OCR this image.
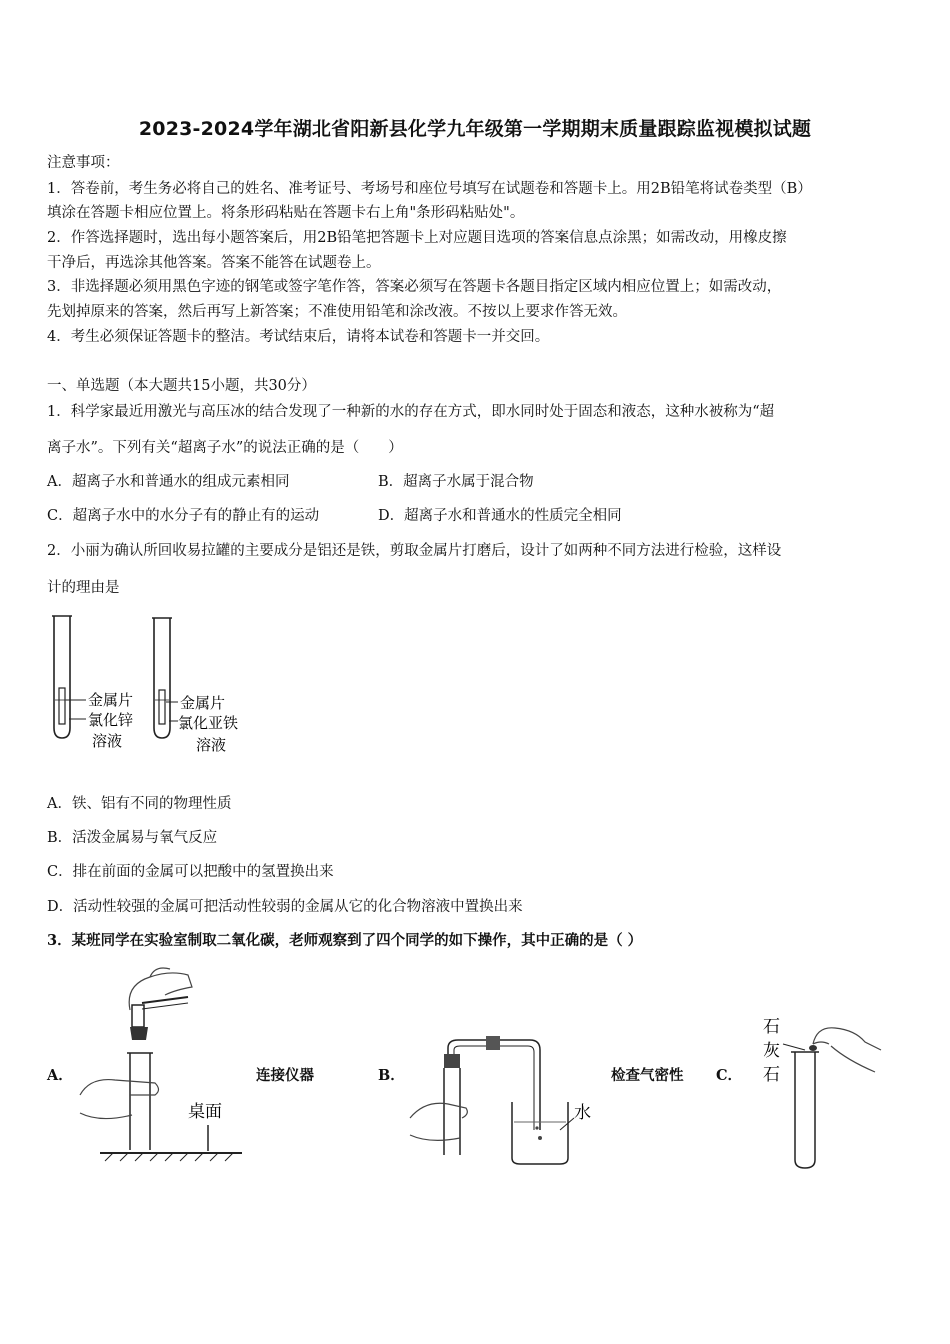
2023-2024学年湖北省阳新县化学九年级第一学期期末质量跟踪监视模拟试题
注意事项：
1．答卷前，考生务必将自己的姓名、准考证号、考场号和座位号填写在试题卷和答题卡上。用2B铅笔将试卷类型（B）
填涂在答题卡相应位置上。将条形码粘贴在答题卡右上角"条形码粘贴处"。
2．作答选择题时，选出每小题答案后，用2B铅笔把答题卡上对应题目选项的答案信息点涂黑；如需改动，用橡皮擦
干净后，再选涂其他答案。答案不能答在试题卷上。
3．非选择题必须用黑色字迹的钢笔或签字笔作答，答案必须写在答题卡各题目指定区域内相应位置上；如需改动，
先划掉原来的答案，然后再写上新答案；不准使用铅笔和涂改液。不按以上要求作答无效。
4．考生必须保证答题卡的整洁。考试结束后，请将本试卷和答题卡一并交回。
一、单选题（本大题共15小题，共30分）
1．科学家最近用激光与高压冰的结合发现了一种新的水的存在方式，即水同时处于固态和液态，这种水被称为“超
离子水”。下列有关“超离子水”的说法正确的是（　　）
A．超离子水和普通水的组成元素相同	B．超离子水属于混合物
C．超离子水中的水分子有的静止有的运动	D．超离子水和普通水的性质完全相同
2．小丽为确认所回收易拉罐的主要成分是铝还是铁，剪取金属片打磨后，设计了如两种不同方法进行检验，这样设
计的理由是
金属片
氯化锌
溶液
金属片
氯化亚铁
溶液
A．铁、铝有不同的物理性质
B．活泼金属易与氧气反应
C．排在前面的金属可以把酸中的氢置换出来
D．活动性较强的金属可把活动性较弱的金属从它的化合物溶液中置换出来
3．某班同学在实验室制取二氧化碳，老师观察到了四个同学的如下操作，其中正确的是（ ）
A．	连接仪器	B．	检查气密性 C．
桌面	水
石
灰
石
